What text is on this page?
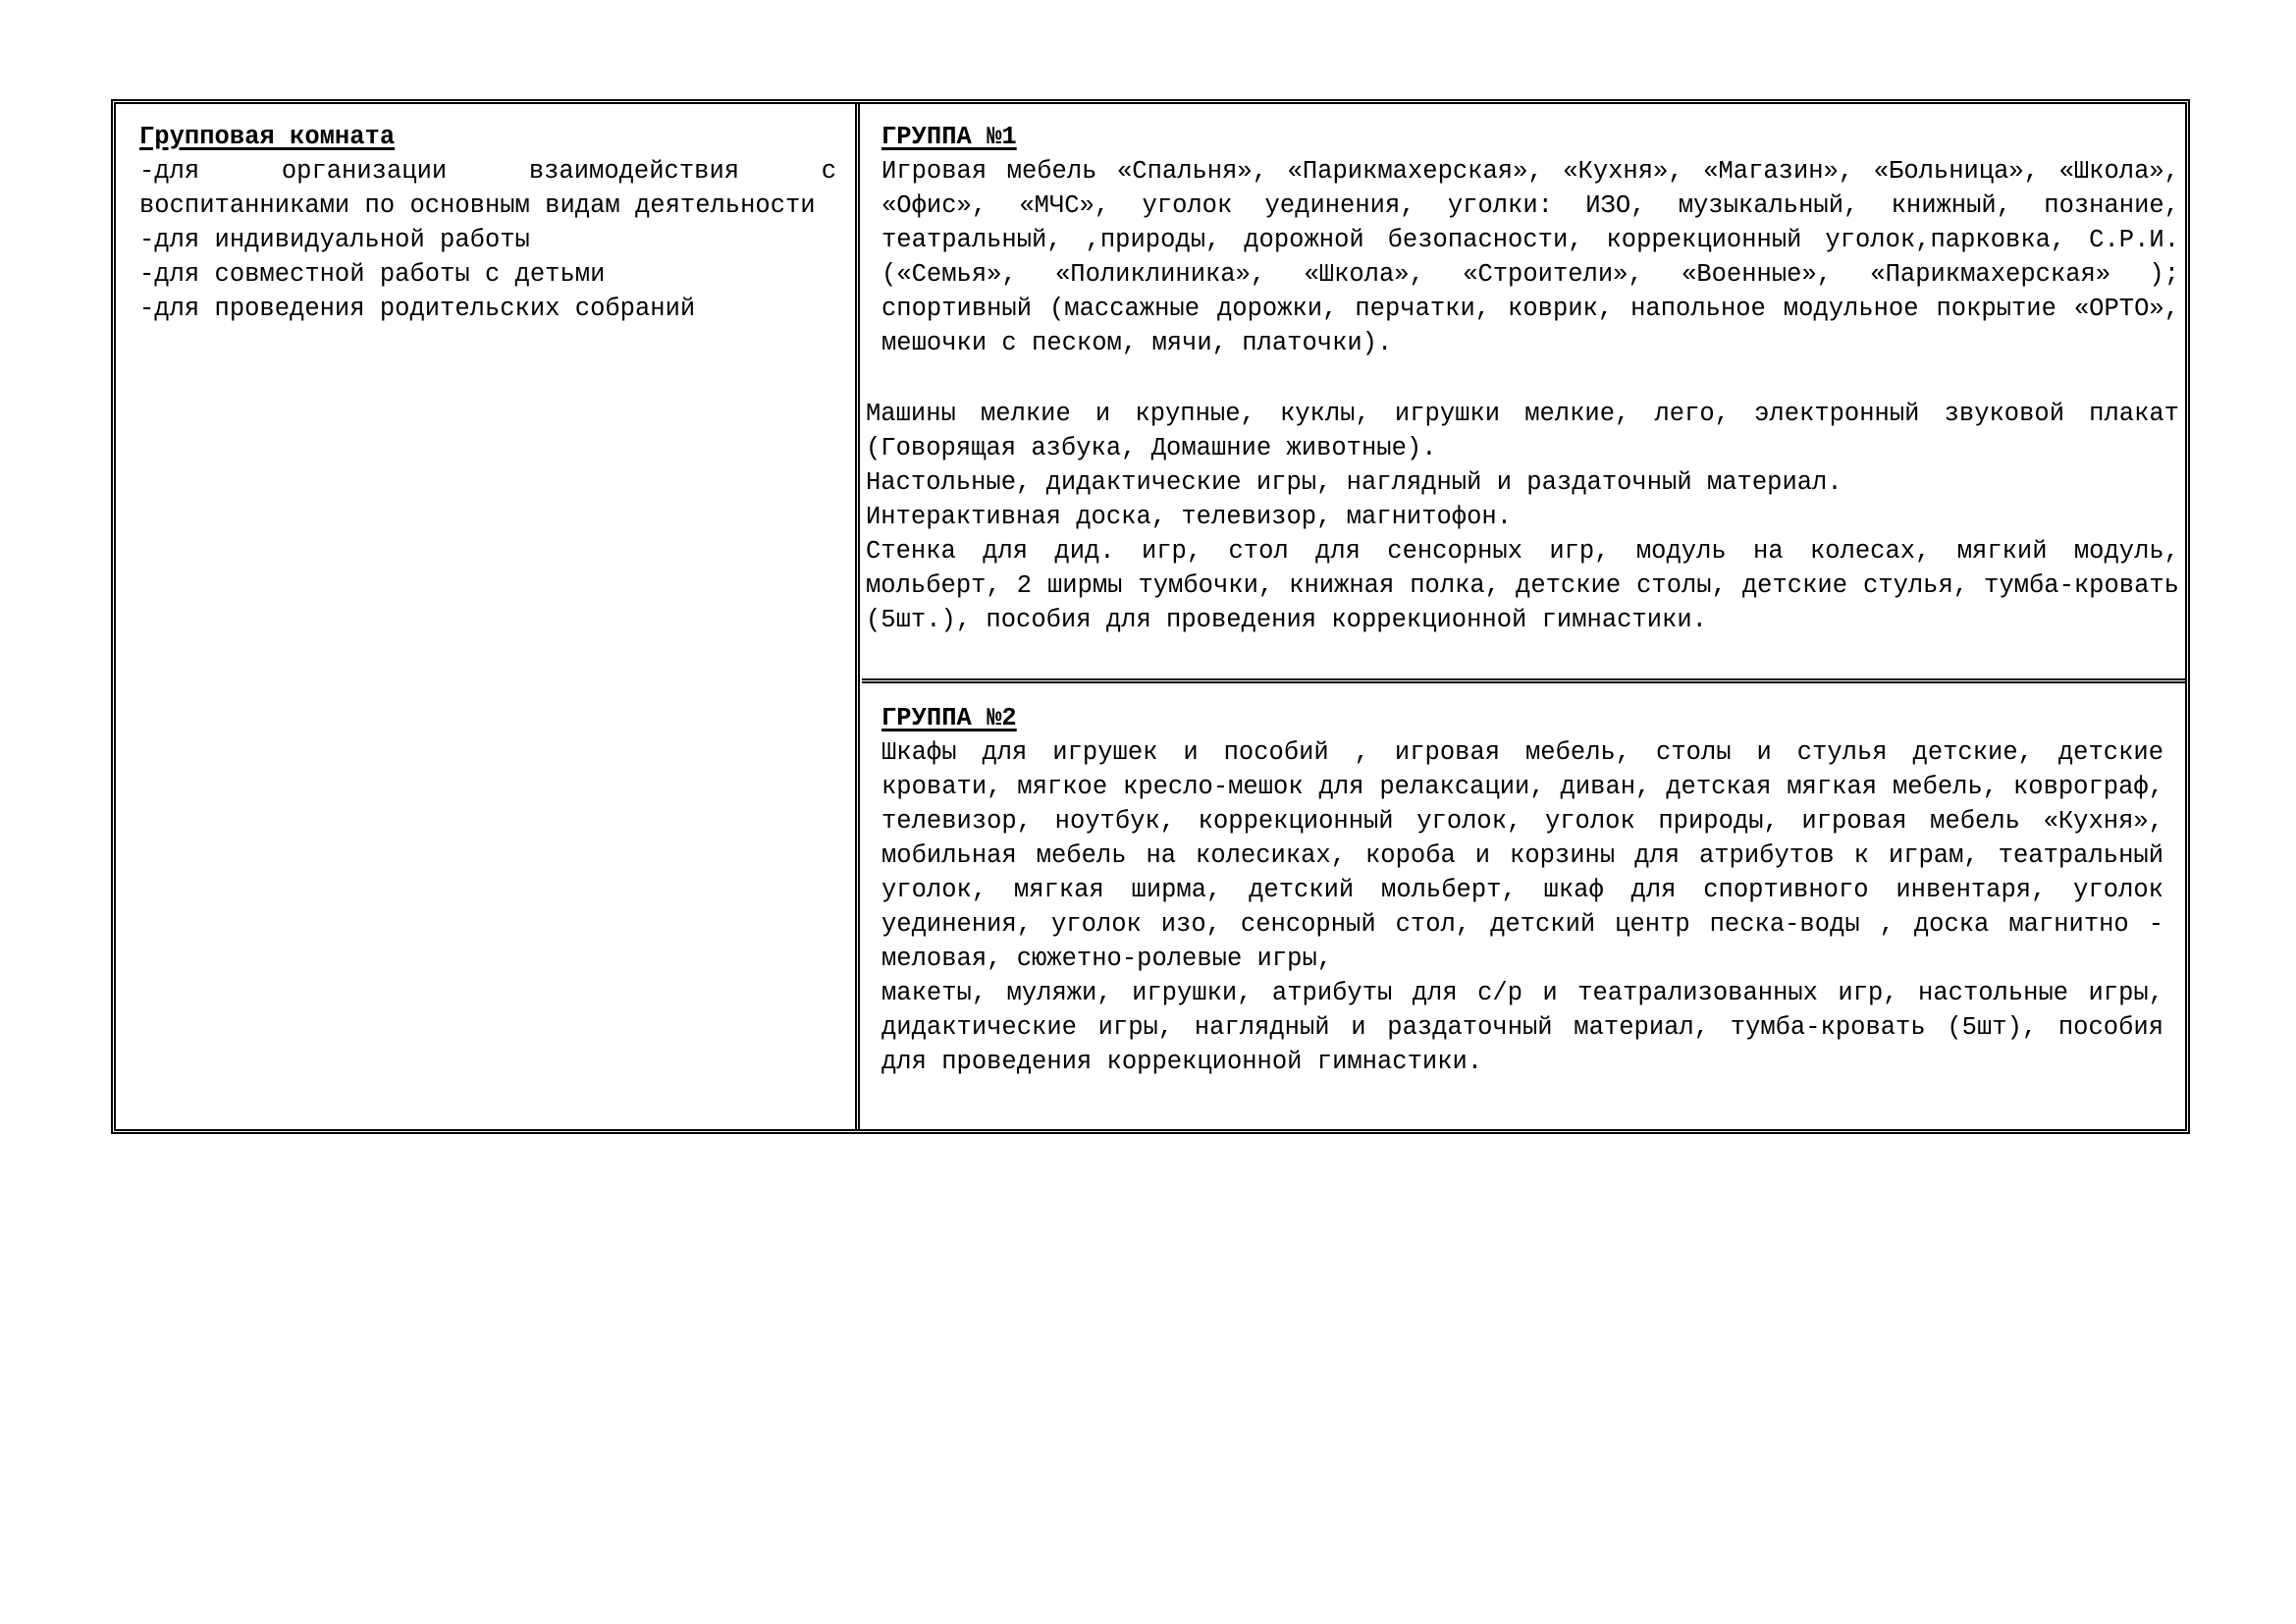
Групповая комната

-для организации взаимодействия с воспитанниками по основным видам деятельности

-для индивидуальной работы

-для совместной работы с детьми

-для проведения родительских собраний

ГРУППА №1

Игровая мебель «Спальня», «Парикмахерская», «Кухня», «Магазин», «Больница», «Школа», «Офис», «МЧС», уголок уединения, уголки: ИЗО, музыкальный, книжный, познание, театральный, ,природы, дорожной безопасности, коррекционный уголок,парковка, С.Р.И. («Семья», «Поликлиника», «Школа», «Строители», «Военные», «Парикмахерская» ); спортивный (массажные дорожки, перчатки, коврик, напольное модульное покрытие «ОРТО», мешочки с песком, мячи, платочки).

Машины мелкие и крупные, куклы, игрушки мелкие, лего, электронный звуковой плакат (Говорящая азбука, Домашние животные).

Настольные, дидактические игры, наглядный и раздаточный материал.

Интерактивная доска, телевизор, магнитофон.

Стенка для дид. игр, стол для сенсорных игр, модуль на колесах, мягкий модуль, мольберт, 2 ширмы тумбочки, книжная полка, детские столы, детские стулья, тумба-кровать (5шт.), пособия для проведения коррекционной гимнастики.

ГРУППА №2

Шкафы для игрушек и пособий , игровая мебель, столы и стулья детские, детские кровати, мягкое кресло-мешок для релаксации, диван, детская мягкая мебель, коврограф, телевизор, ноутбук, коррекционный уголок, уголок природы, игровая мебель «Кухня», мобильная мебель на колесиках, короба и корзины для атрибутов к играм, театральный уголок, мягкая ширма, детский мольберт, шкаф для спортивного инвентаря, уголок уединения, уголок изо, сенсорный стол, детский центр песка-воды , доска магнитно - меловая, сюжетно-ролевые игры,

макеты, муляжи, игрушки, атрибуты для с/р и театрализованных игр, настольные игры, дидактические игры, наглядный и раздаточный материал, тумба-кровать (5шт), пособия для проведения коррекционной гимнастики.
